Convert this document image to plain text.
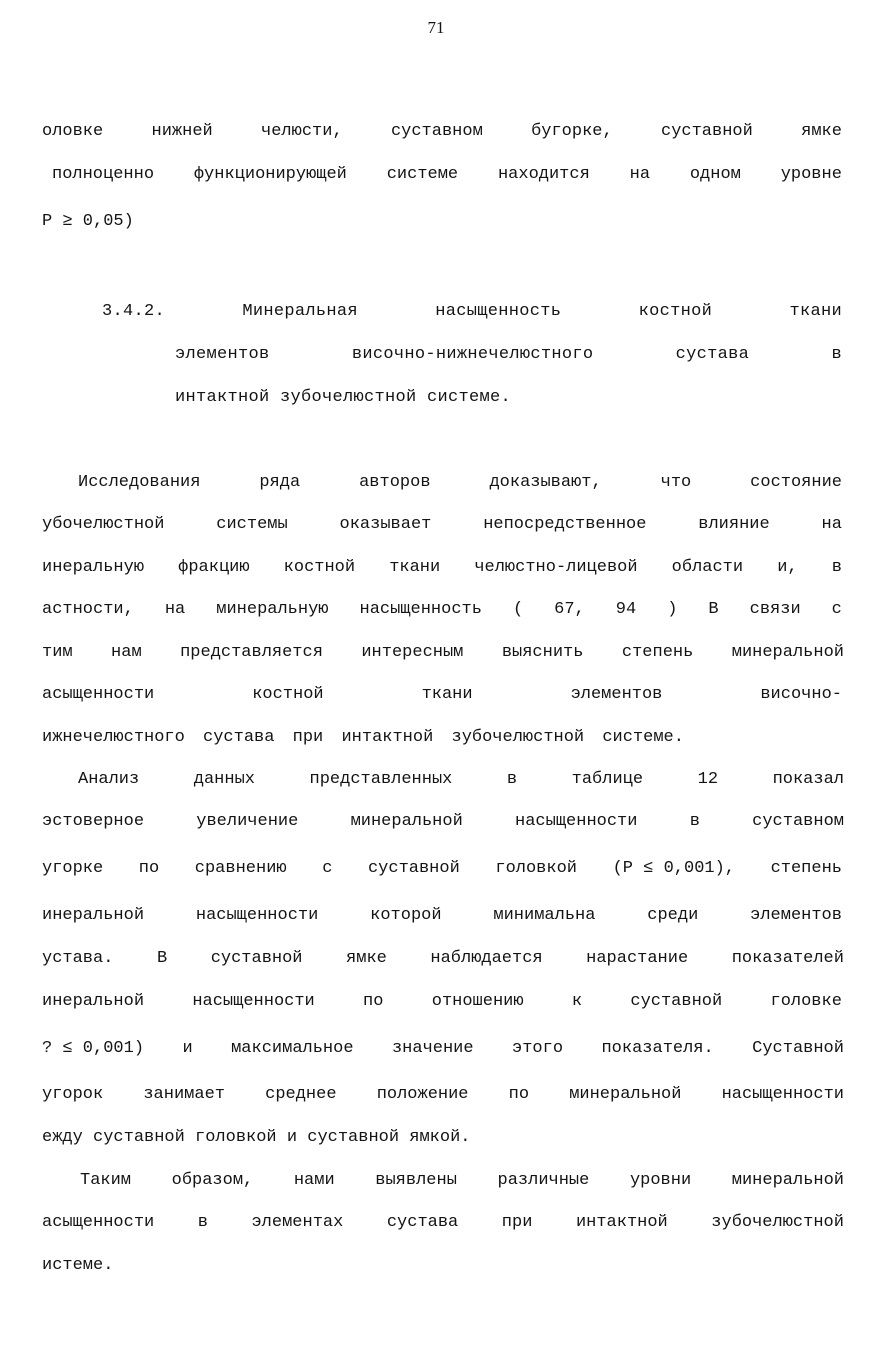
71
оловке	нижней	челюсти,	суставном	бугорке,	суставной	ямке
полноценно функционирующей системе находится на одном уровне
P ≥ 0,05)
3.4.2.	Минеральная	насыщенность	костной	ткани
элементов	височно-нижнечелюстного	сустава	в
интактной зубочелюстной системе.
Исследования	ряда	авторов	доказывают,	что	состояние
убочелюстной	системы	оказывает	непосредственное	влияние	на
инеральную фракцию костной ткани челюстно-лицевой области и, в
астности, на минеральную насыщенность ( 67, 94 ) В связи с
тим нам представляется интересным выяснить степень минеральной
асыщенности	костной	ткани	элементов	височно-
ижнечелюстного сустава при интактной зубочелюстной системе.
Анализ	данных	представленных	в	таблице	12	показал
эстоверное	увеличение	минеральной	насыщенности	в	суставном
угорке по сравнению с суставной головкой (P ≤ 0,001), степень
инеральной	насыщенности	которой	минимальна	среди	элементов
устава.	В	суставной	ямке	наблюдается	нарастание	показателей
инеральной	насыщенности	по	отношению	к	суставной	головке
? ≤ 0,001) и максимальное значение этого показателя. Суставной
угорок занимает среднее положение по минеральной насыщенности
ежду суставной головкой и суставной ямкой.
Таким образом, нами выявлены различные уровни минеральной
асыщенности	в	элементах	сустава	при	интактной	зубочелюстной
истеме.
